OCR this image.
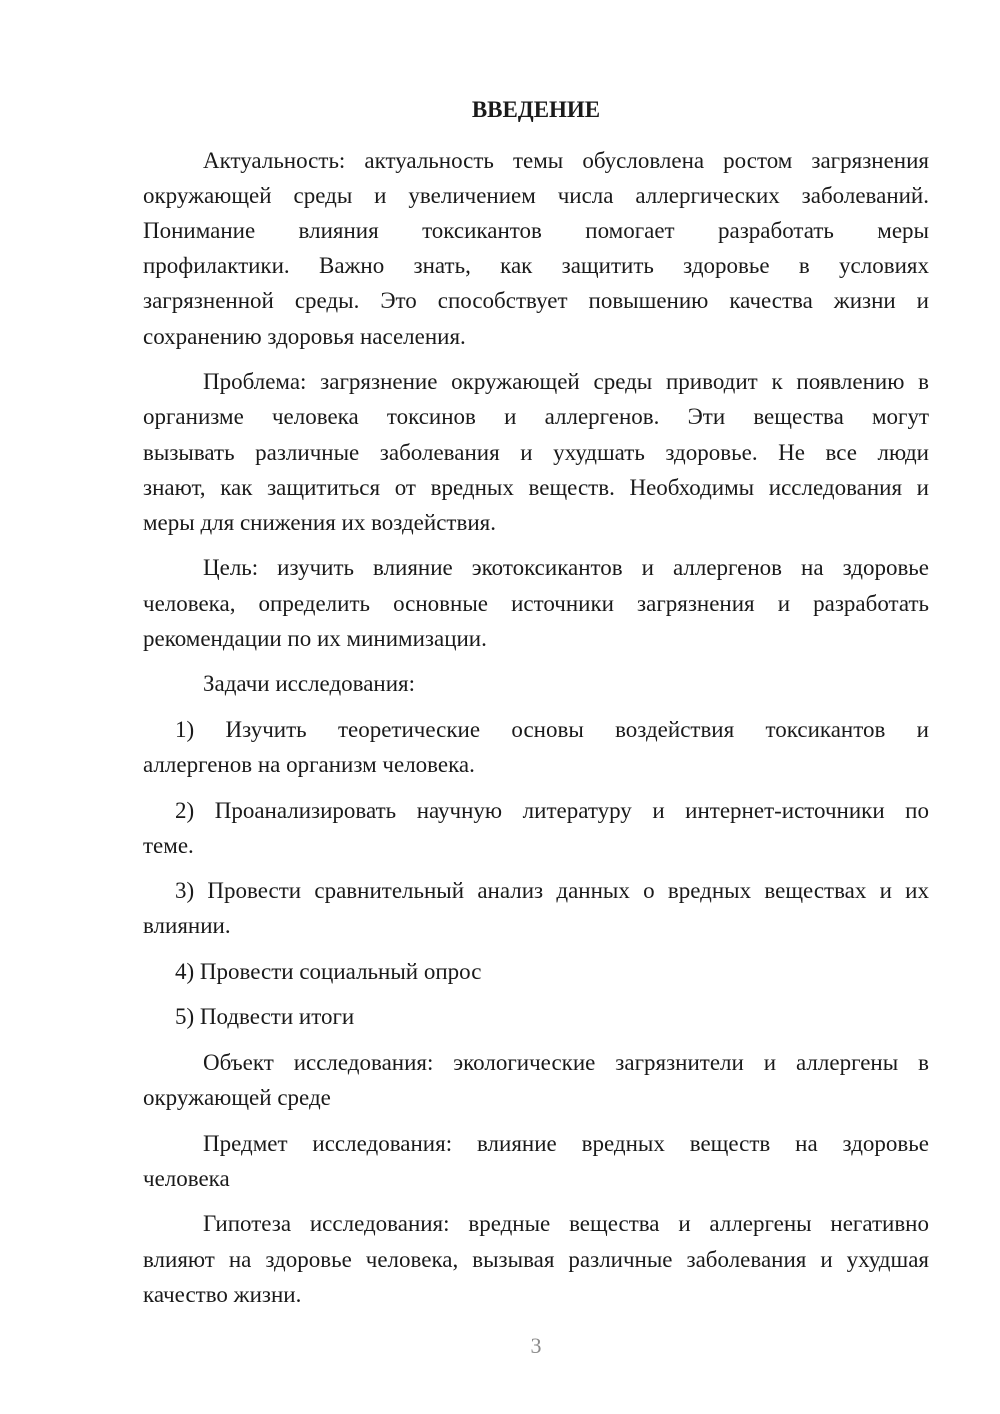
ВВЕДЕНИЕ
Актуальность: актуальность темы обусловлена ростом загрязнения
окружающей среды и увеличением числа аллергических заболеваний.
Понимание влияния токсикантов помогает разработать меры
профилактики. Важно знать, как защитить здоровье в условиях
загрязненной среды. Это способствует повышению качества жизни и
сохранению здоровья населения.
Проблема: загрязнение окружающей среды приводит к появлению в
организме человека токсинов и аллергенов. Эти вещества могут
вызывать различные заболевания и ухудшать здоровье. Не все люди
знают, как защититься от вредных веществ. Необходимы исследования и
меры для снижения их воздействия.
Цель: изучить влияние экотоксикантов и аллергенов на здоровье
человека, определить основные источники загрязнения и разработать
рекомендации по их минимизации.
Задачи исследования:
1) Изучить теоретические основы воздействия токсикантов и
аллергенов на организм человека.
2) Проанализировать научную литературу и интернет-источники по
теме.
3) Провести сравнительный анализ данных о вредных веществах и их
влиянии.
4) Провести социальный опрос
5) Подвести итоги
Объект исследования: экологические загрязнители и аллергены в
окружающей среде
Предмет исследования: влияние вредных веществ на здоровье
человека
Гипотеза исследования: вредные вещества и аллергены негативно
влияют на здоровье человека, вызывая различные заболевания и ухудшая
качество жизни.
3
